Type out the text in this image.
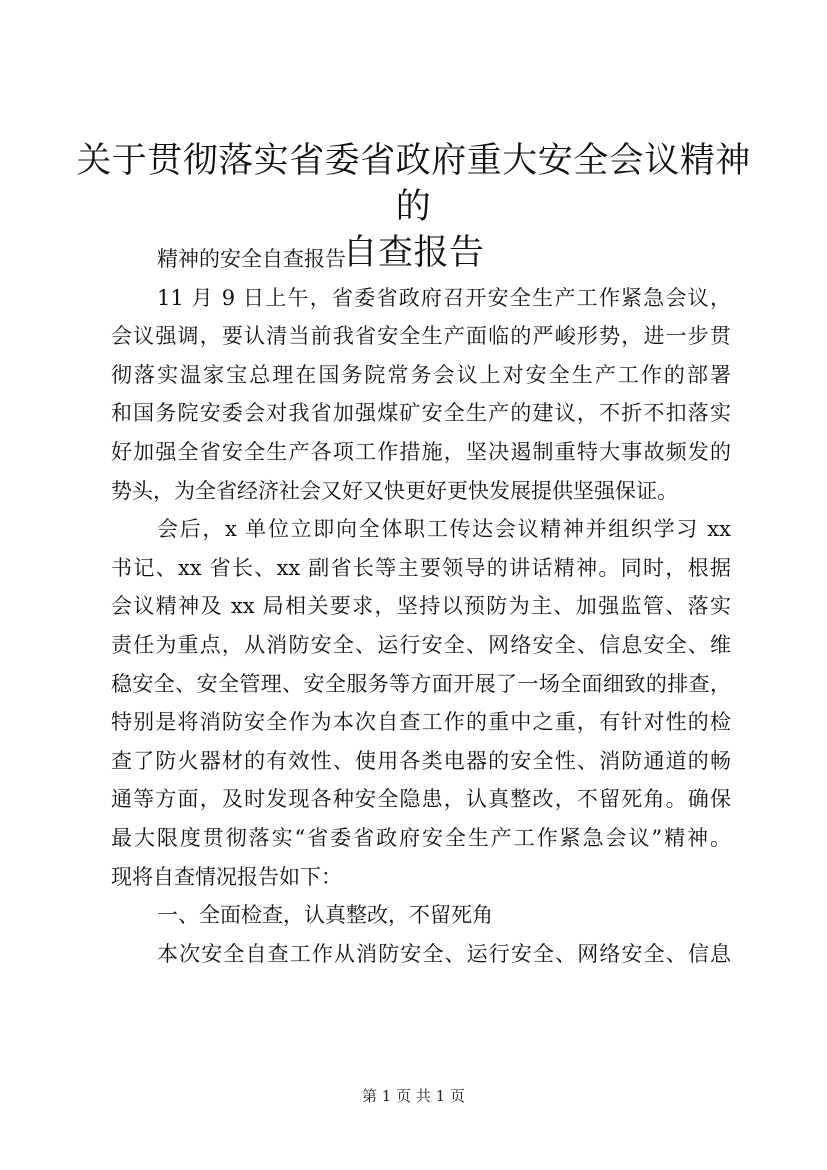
关于贯彻落实省委省政府重大安全会议精神的
自查报告
精神的安全自查报告
11 月 9 日上午，省委省政府召开安全生产工作紧急会议，
会议强调，要认清当前我省安全生产面临的严峻形势，进一步贯
彻落实温家宝总理在国务院常务会议上对安全生产工作的部署
和国务院安委会对我省加强煤矿安全生产的建议，不折不扣落实
好加强全省安全生产各项工作措施，坚决遏制重特大事故频发的
势头，为全省经济社会又好又快更好更快发展提供坚强保证。
会后，x 单位立即向全体职工传达会议精神并组织学习 xx
书记、xx 省长、xx 副省长等主要领导的讲话精神。同时，根据
会议精神及 xx 局相关要求，坚持以预防为主、加强监管、落实
责任为重点，从消防安全、运行安全、网络安全、信息安全、维
稳安全、安全管理、安全服务等方面开展了一场全面细致的排查，
特别是将消防安全作为本次自查工作的重中之重，有针对性的检
查了防火器材的有效性、使用各类电器的安全性、消防通道的畅
通等方面，及时发现各种安全隐患，认真整改，不留死角。确保
最大限度贯彻落实“省委省政府安全生产工作紧急会议”精神。
现将自查情况报告如下：
一、全面检查，认真整改，不留死角
本次安全自查工作从消防安全、运行安全、网络安全、信息
第 1 页 共 1 页
